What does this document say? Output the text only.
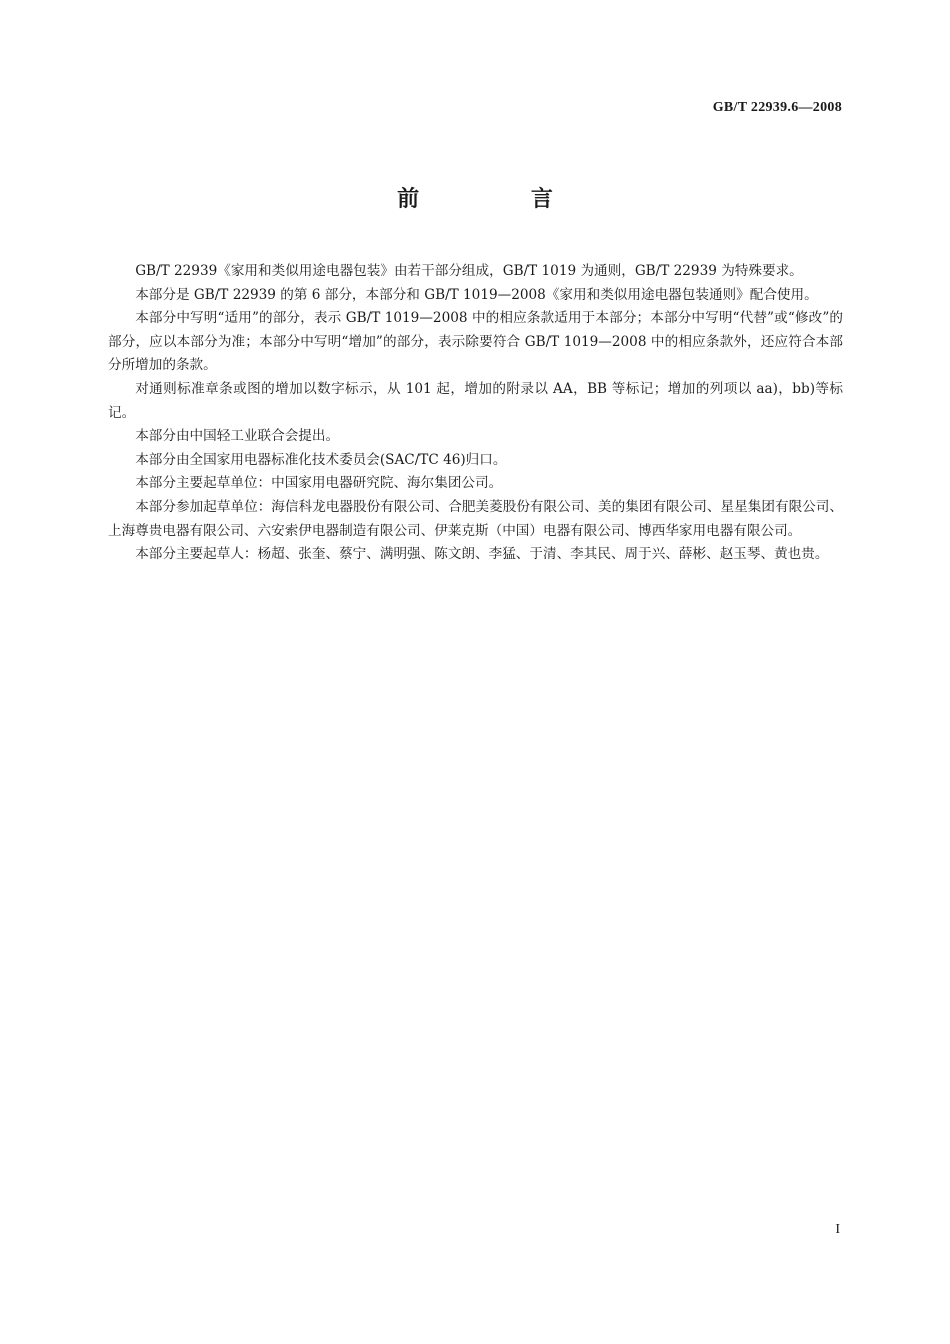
GB/T 22939.6—2008
前 言

GB/T 22939《家用和类似用途电器包装》由若干部分组成，GB/T 1019 为通则，GB/T 22939 为特殊要求。

本部分是 GB/T 22939 的第 6 部分，本部分和 GB/T 1019—2008《家用和类似用途电器包装通则》配合使用。

本部分中写明“适用”的部分，表示 GB/T 1019—2008 中的相应条款适用于本部分；本部分中写明“代替”或“修改”的部分，应以本部分为准；本部分中写明“增加”的部分，表示除要符合 GB/T 1019—2008 中的相应条款外，还应符合本部分所增加的条款。

对通则标准章条或图的增加以数字标示，从 101 起，增加的附录以 AA，BB 等标记；增加的列项以 aa)，bb)等标记。

本部分由中国轻工业联合会提出。

本部分由全国家用电器标准化技术委员会(SAC/TC 46)归口。

本部分主要起草单位：中国家用电器研究院、海尔集团公司。

本部分参加起草单位：海信科龙电器股份有限公司、合肥美菱股份有限公司、美的集团有限公司、星星集团有限公司、上海尊贵电器有限公司、六安索伊电器制造有限公司、伊莱克斯（中国）电器有限公司、博西华家用电器有限公司。

本部分主要起草人：杨超、张奎、蔡宁、满明强、陈文朗、李猛、于清、李其民、周于兴、薛彬、赵玉琴、黄也贵。

I
